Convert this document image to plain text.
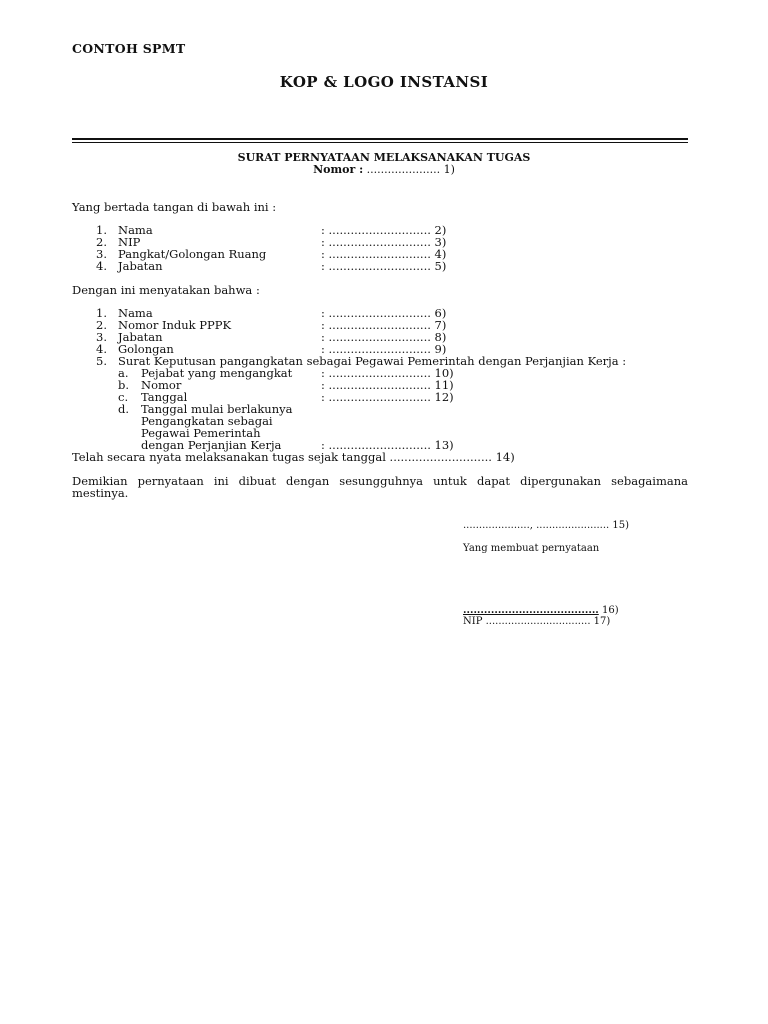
CONTOH SPMT
KOP & LOGO INSTANSI
SURAT PERNYATAAN MELAKSANAKAN TUGAS
Nomor : ..................... 1)
Yang bertada tangan di bawah ini :
1. Nama	: ............................ 2)
2. NIP	: ............................ 3)
3. Pangkat/Golongan Ruang	: ............................ 4)
4. Jabatan	: ............................ 5)
Dengan ini menyatakan bahwa :
1. Nama	: ............................ 6)
2. Nomor Induk PPPK	: ............................ 7)
3. Jabatan	: ............................ 8)
4. Golongan	: ............................ 9)
5. Surat Keputusan pangangkatan sebagai Pegawai Pemerintah dengan Perjanjian Kerja :
a. Pejabat yang mengangkat : ............................ 10)
b. Nomor	: ............................ 11)
c. Tanggal	: ............................ 12)
d. Tanggal mulai berlakunya
Pengangkatan sebagai
Pegawai Pemerintah
dengan Perjanjian Kerja	: ............................ 13)
Telah secara nyata melaksanakan tugas sejak tanggal ............................ 14)
Demikian pernyataan ini dibuat dengan sesungguhnya untuk dapat dipergunakan sebagaimana mestinya.
....................., ....................... 15)
Yang membuat pernyataan
....................................... 16)
NIP ................................. 17)
